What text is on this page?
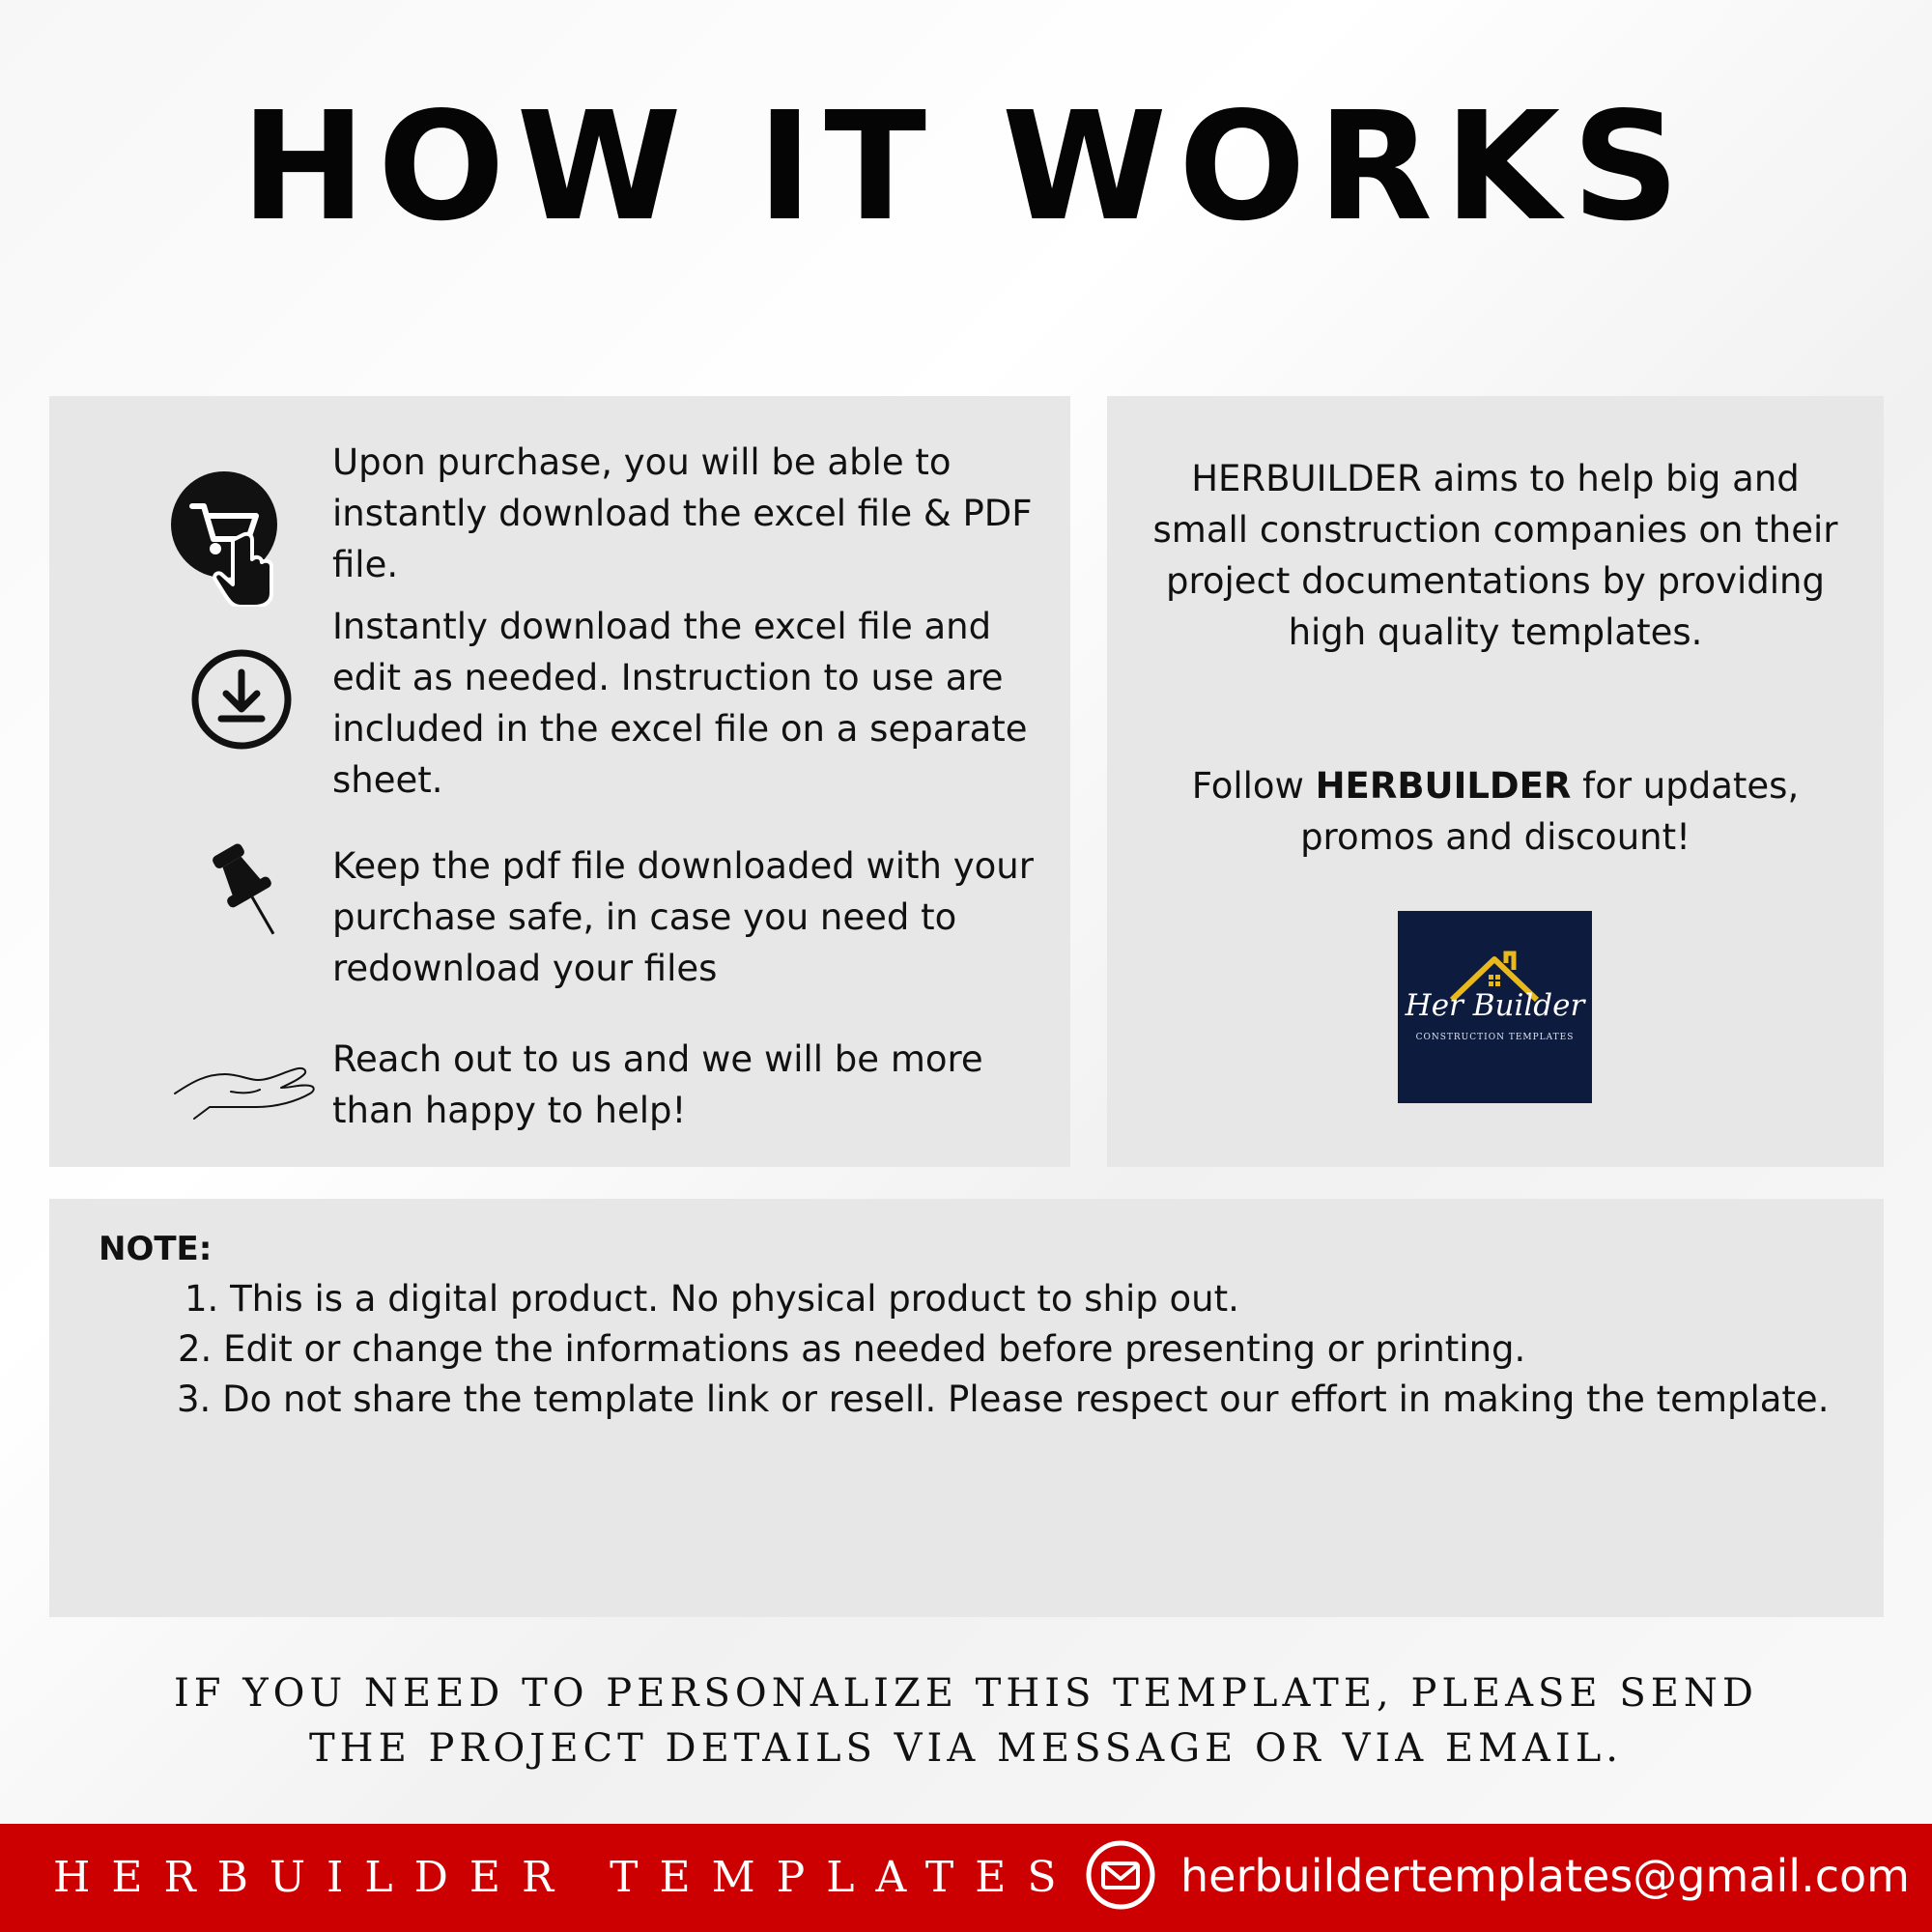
HOW IT WORKS
Upon purchase, you will be able to instantly download the excel file & PDF file.
Instantly download the excel file and edit as needed. Instruction to use are included in the excel file on a separate sheet.
Keep the pdf file downloaded with your purchase safe, in case you need to redownload your files
Reach out to us and we will be more than happy to help!
HERBUILDER aims to help big and small construction companies on their project documentations by providing high quality templates.
Follow HERBUILDER for updates, promos and discount!
Her Builder
CONSTRUCTION TEMPLATES
NOTE:
1. This is a digital product. No physical product to ship out.
2. Edit or change the informations as needed before presenting or printing.
3. Do not share the template link or resell. Please respect our effort in making the template.
IF YOU NEED TO PERSONALIZE THIS TEMPLATE, PLEASE SEND THE PROJECT DETAILS VIA MESSAGE OR VIA EMAIL.
HERBUILDER TEMPLATES herbuildertemplates@gmail.com
